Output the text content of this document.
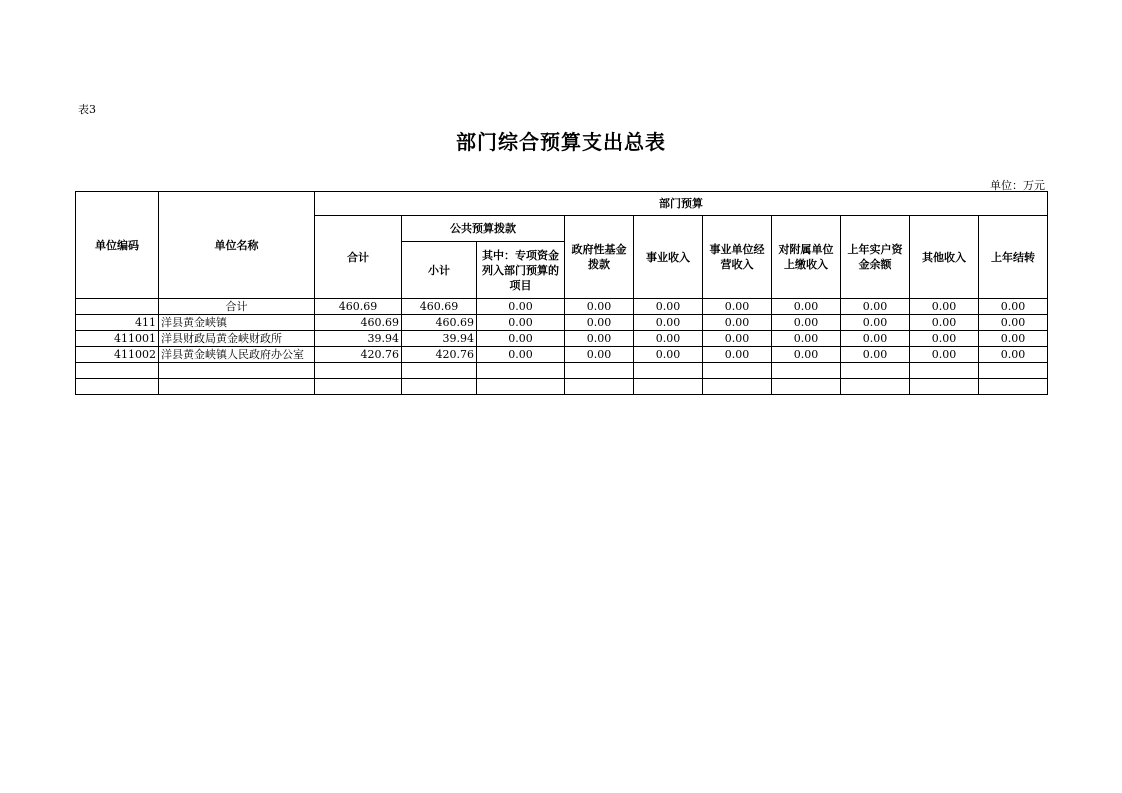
表3
部门综合预算支出总表
单位：万元
单位编码	单位名称	部门预算									
		合计	公共预算拨款		政府性基金拨款	事业收入	事业单位经营收入	对附属单位上缴收入	上年实户资金余额	其他收入	上年结转
			小计	其中：专项资金列入部门预算的项目							
	合计	460.69	460.69	0.00	0.00	0.00	0.00	0.00	0.00	0.00	0.00
411	洋县黄金峡镇	460.69	460.69	0.00	0.00	0.00	0.00	0.00	0.00	0.00	0.00
411001	洋县财政局黄金峡财政所	39.94	39.94	0.00	0.00	0.00	0.00	0.00	0.00	0.00	0.00
411002	洋县黄金峡镇人民政府办公室	420.76	420.76	0.00	0.00	0.00	0.00	0.00	0.00	0.00	0.00
